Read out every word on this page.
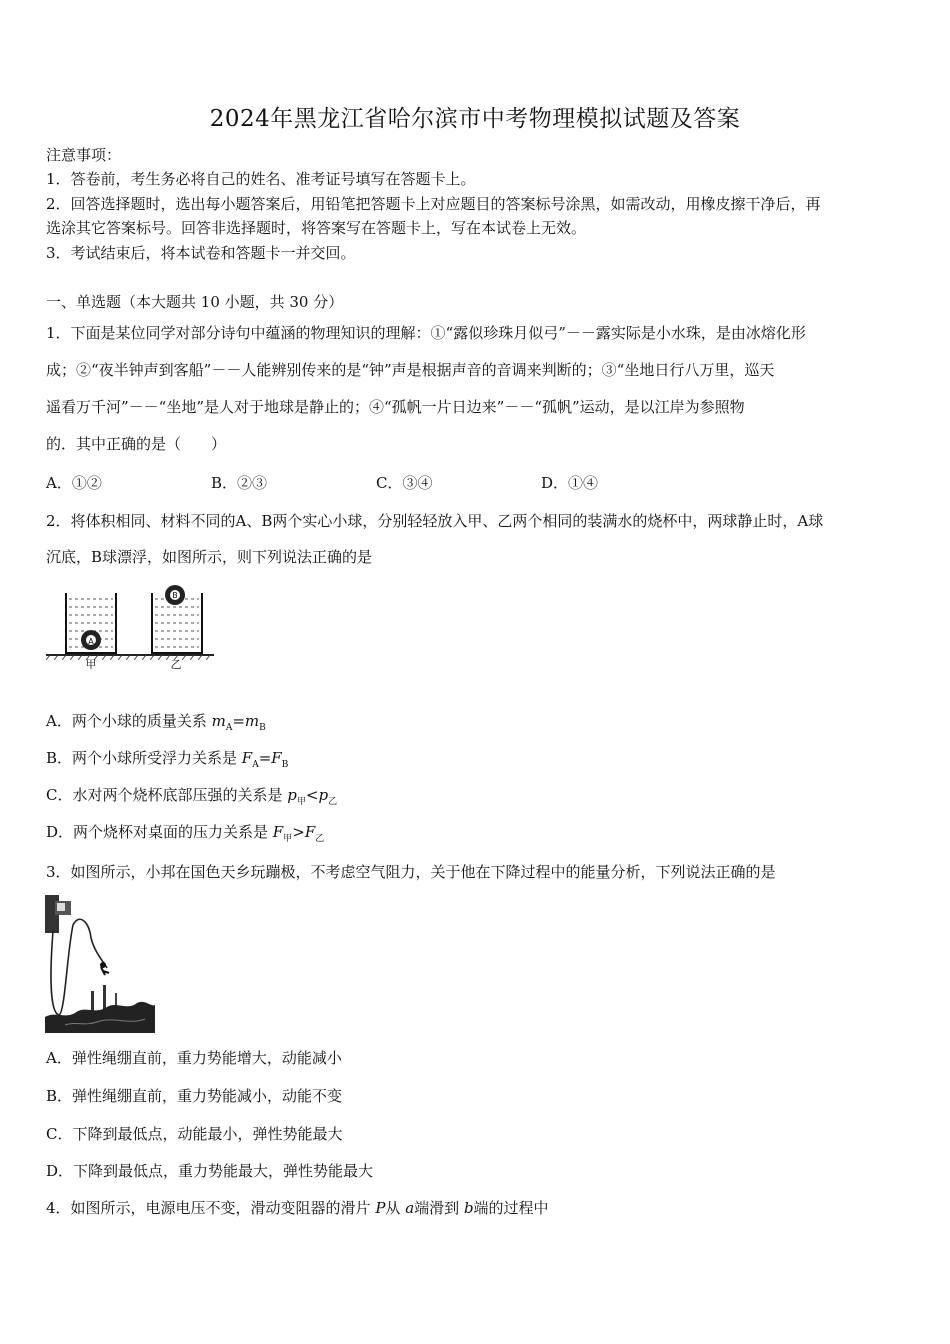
2024年黑龙江省哈尔滨市中考物理模拟试题及答案
注意事项：
1．答卷前，考生务必将自己的姓名、准考证号填写在答题卡上。
2．回答选择题时，选出每小题答案后，用铅笔把答题卡上对应题目的答案标号涂黑，如需改动，用橡皮擦干净后，再
选涂其它答案标号。回答非选择题时，将答案写在答题卡上，写在本试卷上无效。
3．考试结束后，将本试卷和答题卡一并交回。
一、单选题（本大题共 10 小题，共 30 分）
1．下面是某位同学对部分诗句中蕴涵的物理知识的理解：①“露似珍珠月似弓”－－露实际是小水珠，是由冰熔化形
成；②“夜半钟声到客船”－－人能辨别传来的是“钟”声是根据声音的音调来判断的；③“坐地日行八万里，巡天
遥看万千河”－－“坐地”是人对于地球是静止的；④“孤帆一片日边来”－－“孤帆”运动，是以江岸为参照物
的．其中正确的是（　　）
A．①②	B．②③	C．③④	D．①④
2．将体积相同、材料不同的A、B两个实心小球，分别轻轻放入甲、乙两个相同的装满水的烧杯中，两球静止时，A球
沉底，B球漂浮，如图所示，则下列说法正确的是
甲	乙
A
B
A．两个小球的质量关系 $m_A=m_B$
B．两个小球所受浮力关系是 $F_A=F_B$
C．水对两个烧杯底部压强的关系是 $p_甲<p_乙$
D．两个烧杯对桌面的压力关系是 $F_甲>F_乙$
3．如图所示，小邦在国色天乡玩蹦极，不考虑空气阻力，关于他在下降过程中的能量分析，下列说法正确的是
A．弹性绳绷直前，重力势能增大，动能减小
B．弹性绳绷直前，重力势能减小，动能不变
C．下降到最低点，动能最小，弹性势能最大
D．下降到最低点，重力势能最大，弹性势能最大
4．如图所示，电源电压不变，滑动变阻器的滑片 P从 a端滑到 b端的过程中
